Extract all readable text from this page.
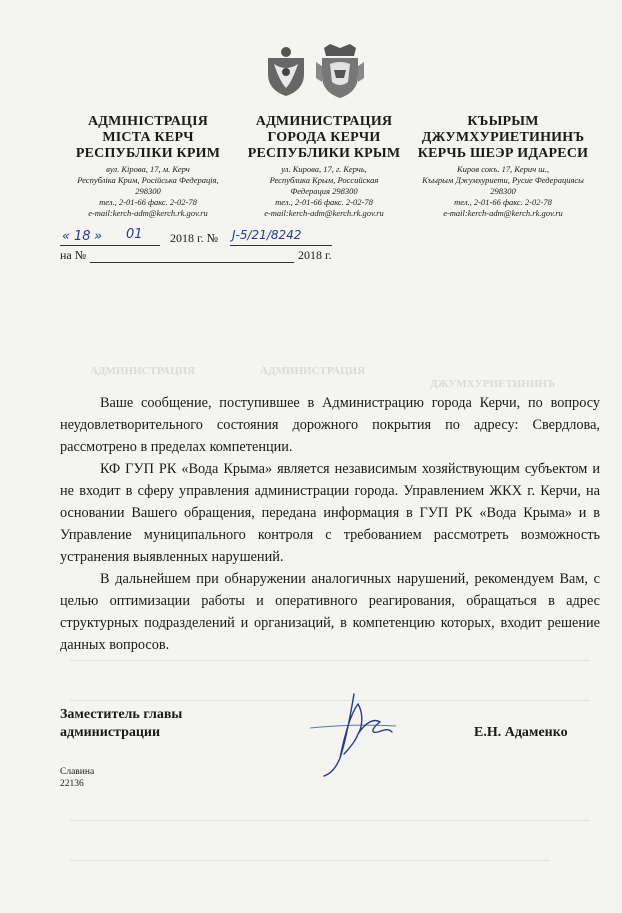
АДМИНИСТРАЦИЯ	АДМИНИСТРАЦИЯ
ДЖУМХУРИЕТИНИНЪ
АДМІНІСТРАЦІЯ
МІСТА КЕРЧ
РЕСПУБЛІКИ КРИМ
вул. Кірова, 17, м. Керч
Республіка Крим, Російська Федерація,
298300
тел., 2-01-66 факс. 2-02-78
e-mail:kerch-adm@kerch.rk.gov.ru
АДМИНИСТРАЦИЯ
ГОРОДА КЕРЧИ
РЕСПУБЛИКИ КРЫМ
ул. Кирова, 17, г. Керчь,
Республика Крым, Российская
Федерация 298300
тел., 2-01-66 факс. 2-02-78
e-mail:kerch-adm@kerch.rk.gov.ru
КЪЫРЫМ
ДЖУМХУРИЕТИНИНЪ
КЕРЧЬ ШЕЭР ИДАРЕСИ
Киров сокъ. 17, Керич ш.,
Къырым Джумхуриети, Русие Федерациясы
298300
тел., 2-01-66 факс. 2-02-78
e-mail:kerch-adm@kerch.rk.gov.ru
« 18 » 01 2018 г. № J-5/21/8242
на №	2018 г.

Ваше сообщение, поступившее в Администрацию города Керчи, по вопросу неудовлетворительного состояния дорожного покрытия по адресу: Свердлова, рассмотрено в пределах компетенции.

КФ ГУП РК «Вода Крыма» является независимым хозяйствующим субъектом и не входит в сферу управления администрации города. Управлением ЖКХ г. Керчи, на основании Вашего обращения, передана информация в ГУП РК «Вода Крыма» и в Управление муниципального контроля с требованием рассмотреть возможность устранения выявленных нарушений.

В дальнейшем при обнаружении аналогичных нарушений, рекомендуем Вам, с целью оптимизации работы и оперативного реагирования, обращаться в адрес структурных подразделений и организаций, в компетенцию которых, входит решение данных вопросов.

Заместитель главы
администрации	Е.Н. Адаменко
Славина
22136
